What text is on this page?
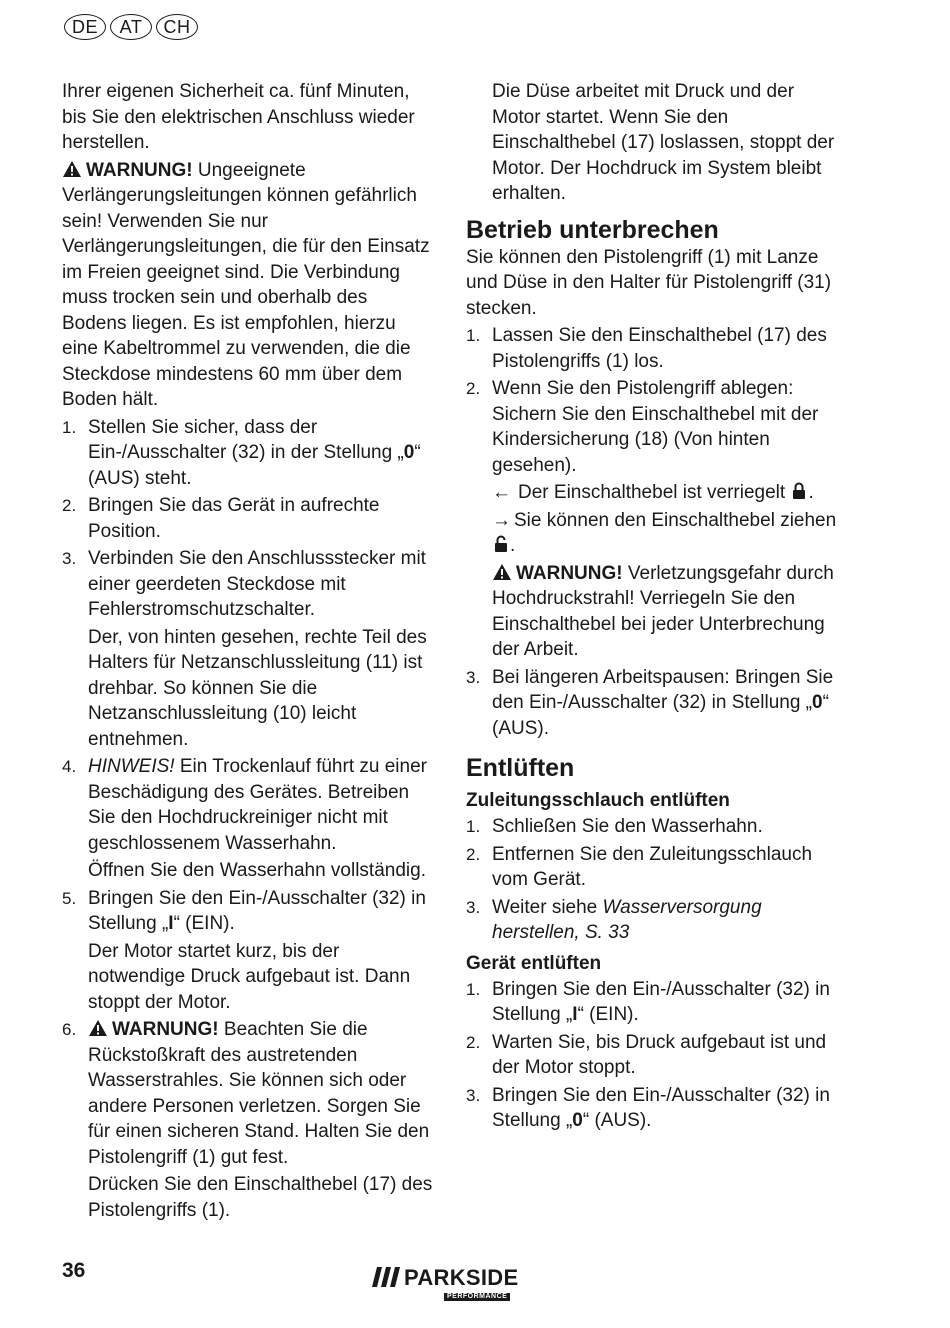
DE	AT	CH

Ihrer eigenen Sicherheit ca. fünf Minuten, bis Sie den elektrischen Anschluss wieder herstellen.

WARNUNG! Ungeeignete Verlängerungsleitungen können gefährlich sein! Verwenden Sie nur Verlängerungsleitungen, die für den Einsatz im Freien geeignet sind. Die Verbindung muss trocken sein und oberhalb des Bodens liegen. Es ist empfohlen, hierzu eine Kabeltrommel zu verwenden, die die Steckdose mindestens 60 mm über dem Boden hält.

1. Stellen Sie sicher, dass der Ein-/Ausschalter (32) in der Stellung „0“ (AUS) steht.

2. Bringen Sie das Gerät in aufrechte Position.

3. Verbinden Sie den Anschlussstecker mit einer geerdeten Steckdose mit Fehlerstromschutzschalter.

Der, von hinten gesehen, rechte Teil des Halters für Netzanschlussleitung (11) ist drehbar. So können Sie die Netzanschlussleitung (10) leicht entnehmen.

4. HINWEIS! Ein Trockenlauf führt zu einer Beschädigung des Gerätes. Betreiben Sie den Hochdruckreiniger nicht mit geschlossenem Wasserhahn.

Öffnen Sie den Wasserhahn vollständig.

5. Bringen Sie den Ein-/Ausschalter (32) in Stellung „I“ (EIN).

Der Motor startet kurz, bis der notwendige Druck aufgebaut ist. Dann stoppt der Motor.

6.	WARNUNG! Beachten Sie die Rückstoßkraft des austretenden Wasserstrahles. Sie können sich oder andere Personen verletzen. Sorgen Sie für einen sicheren Stand. Halten Sie den Pistolengriff (1) gut fest.

Drücken Sie den Einschalthebel (17) des Pistolengriffs (1).

Die Düse arbeitet mit Druck und der Motor startet. Wenn Sie den Einschalthebel (17) loslassen, stoppt der Motor. Der Hochdruck im System bleibt erhalten.

Betrieb unterbrechen

Sie können den Pistolengriff (1) mit Lanze und Düse in den Halter für Pistolengriff (31) stecken.

1. Lassen Sie den Einschalthebel (17) des Pistolengriffs (1) los.

2. Wenn Sie den Pistolengriff ablegen: Sichern Sie den Einschalthebel mit der Kindersicherung (18) (Von hinten gesehen).

← Der Einschalthebel ist verriegelt .

→ Sie können den Einschalthebel ziehen .

WARNUNG! Verletzungsgefahr durch Hochdruckstrahl! Verriegeln Sie den Einschalthebel bei jeder Unterbrechung der Arbeit.

3. Bei längeren Arbeitspausen: Bringen Sie den Ein-/Ausschalter (32) in Stellung „0“ (AUS).

Entlüften
Zuleitungsschlauch entlüften
1. Schließen Sie den Wasserhahn.

2. Entfernen Sie den Zuleitungsschlauch vom Gerät.

3. Weiter siehe Wasserversorgung herstellen, S. 33

Gerät entlüften
1. Bringen Sie den Ein-/Ausschalter (32) in Stellung „I“ (EIN).

2. Warten Sie, bis Druck aufgebaut ist und der Motor stoppt.

3. Bringen Sie den Ein-/Ausschalter (32) in Stellung „0“ (AUS).

36	PARKSIDE
PERFORMANCE
